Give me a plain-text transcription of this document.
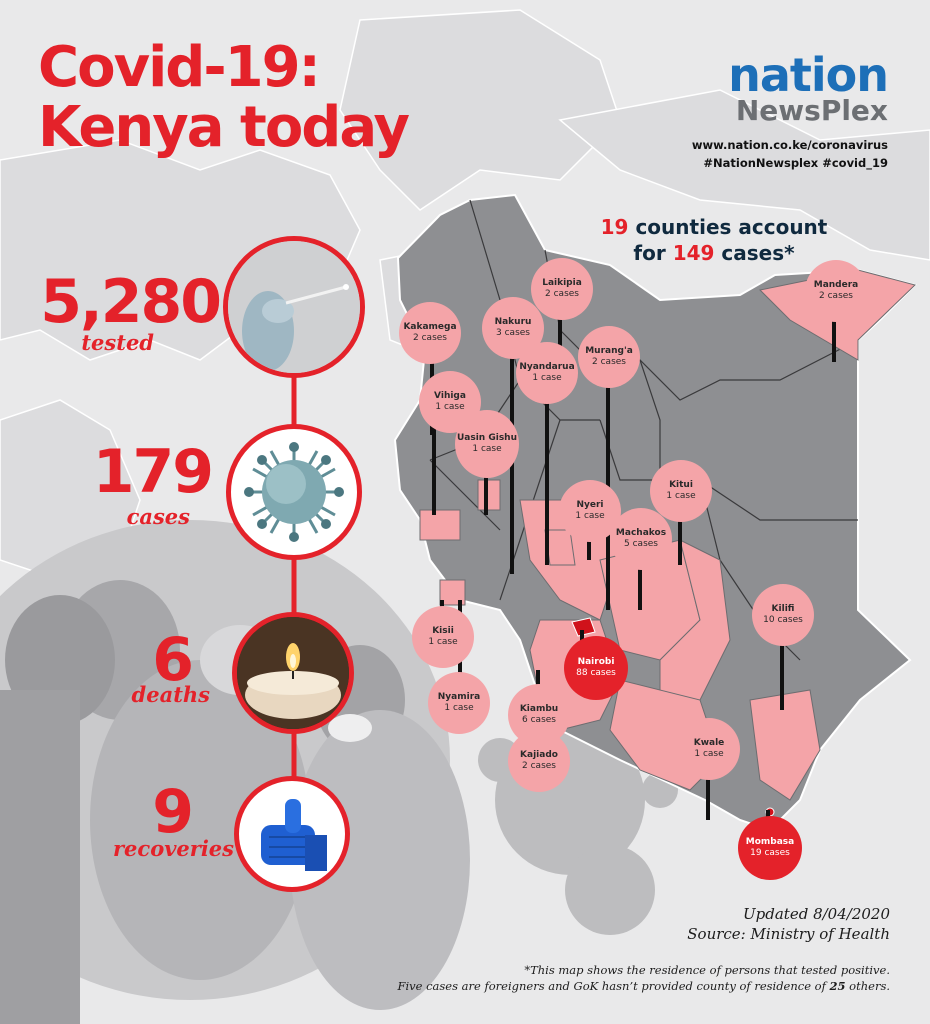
Covid-19:
Kenya today
nation
NewsPlex
www.nation.co.ke/coronavirus
#NationNewsplex #covid_19
5,280
tested
179
cases
6
deaths
9
recoveries
19 counties account
for 149 cases*
Laikipia
2 cases
Mandera
2 cases
Kakamega
2 cases
Nakuru
3 cases
Nyandarua
1 case
Murang'a
2 cases
Vihiga
1 case
Uasin Gishu
1 case
Kitui
1 case
Nyeri
1 case
Machakos
5 cases
Kilifi
10 cases
Kisii
1 case
Nairobi
88 cases
Nyamira
1 case	Kiambu
6 cases
Kwale
1 case
Kajiado
2 cases
Mombasa
19 cases
Updated 8/04/2020
Source: Ministry of Health
*This map shows the residence of persons that tested positive.
Five cases are foreigners and GoK hasn’t provided county of residence of 25 others.
